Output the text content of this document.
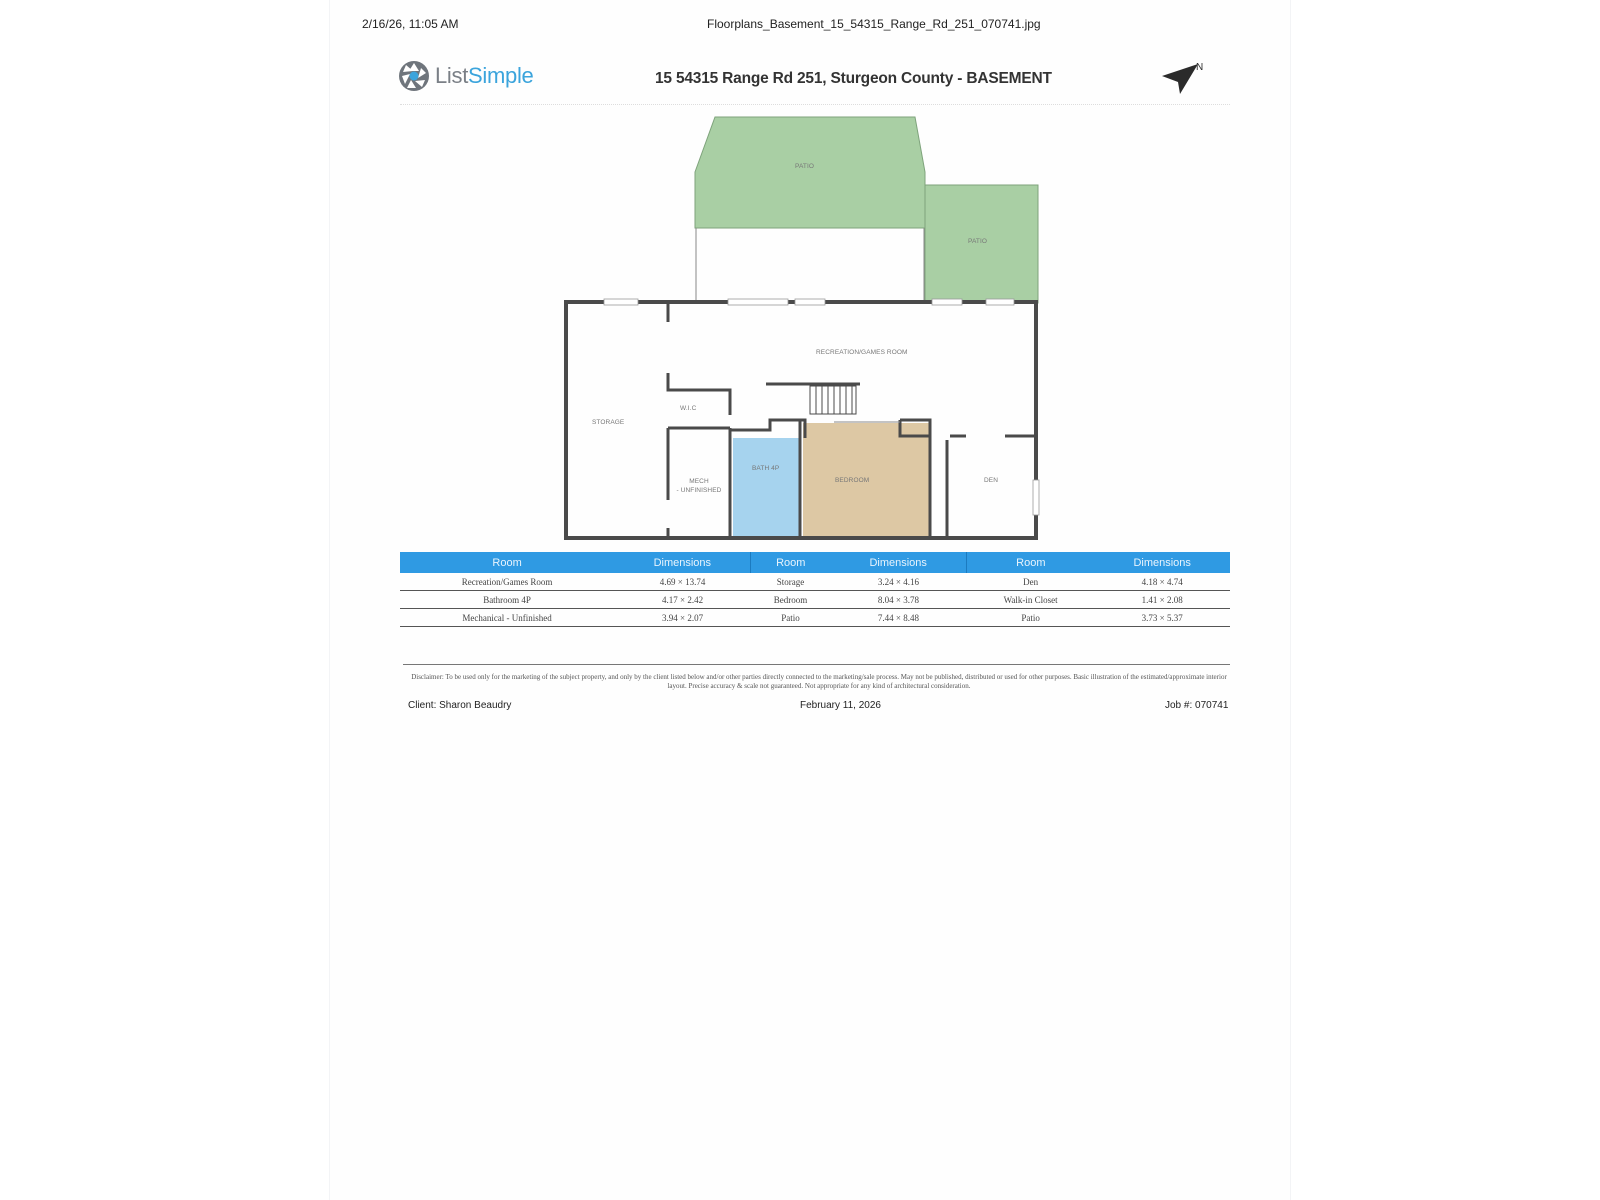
2/16/26, 11:05 AM	Floorplans_Basement_15_54315_Range_Rd_251_070741.jpg
ListSimple	15 54315 Range Rd 251, Sturgeon County - BASEMENT
N
PATIO
PATIO
RECREATION/GAMES ROOM
STORAGE
W.I.C
MECH
- UNFINISHED
BATH 4P
BEDROOM	DEN
Room	Dimensions	Room	Dimensions	Room	Dimensions
Recreation/Games Room	4.69 × 13.74	Storage	3.24 × 4.16	Den	4.18 × 4.74
Bathroom 4P	4.17 × 2.42	Bedroom	8.04 × 3.78	Walk-in Closet	1.41 × 2.08
Mechanical - Unfinished	3.94 × 2.07	Patio	7.44 × 8.48	Patio	3.73 × 5.37
Disclaimer: To be used only for the marketing of the subject property, and only by the client listed below and/or other parties directly connected to the marketing/sale process. May not be published, distributed or used for other purposes. Basic illustration of the estimated/approximate interior layout. Precise accuracy & scale not guaranteed. Not appropriate for any kind of architectural consideration.
Client: Sharon Beaudry	February 11, 2026	Job #: 070741
